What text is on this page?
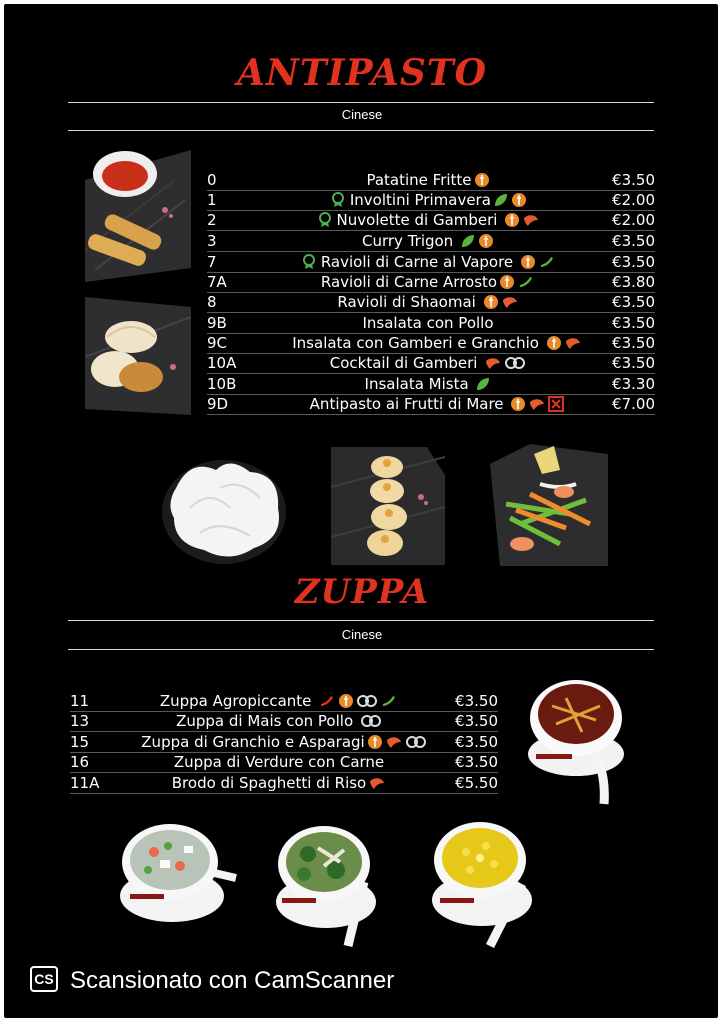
ANTIPASTO
Cinese
0	Patatine Fritte	€3.50
1	Involtini Primavera	€2.00
2	Nuvolette di Gamberi	€2.00
3	Curry Trigon	€3.50
7	Ravioli di Carne al Vapore	€3.50
7A	Ravioli di Carne Arrosto	€3.80
8	Ravioli di Shaomai	€3.50
9B	Insalata con Pollo	€3.50
9C	Insalata con Gamberi e Granchio	€3.50
10A	Cocktail di Gamberi	€3.50
10B	Insalata Mista	€3.30
9D	Antipasto ai Frutti di Mare	€7.00
ZUPPA
Cinese
11	Zuppa Agropiccante	€3.50
13	Zuppa di Mais con Pollo	€3.50
15	Zuppa di Granchio e Asparagi	€3.50
16	Zuppa di Verdure con Carne	€3.50
11A	Brodo di Spaghetti di Riso	€5.50
CS Scansionato con CamScanner
